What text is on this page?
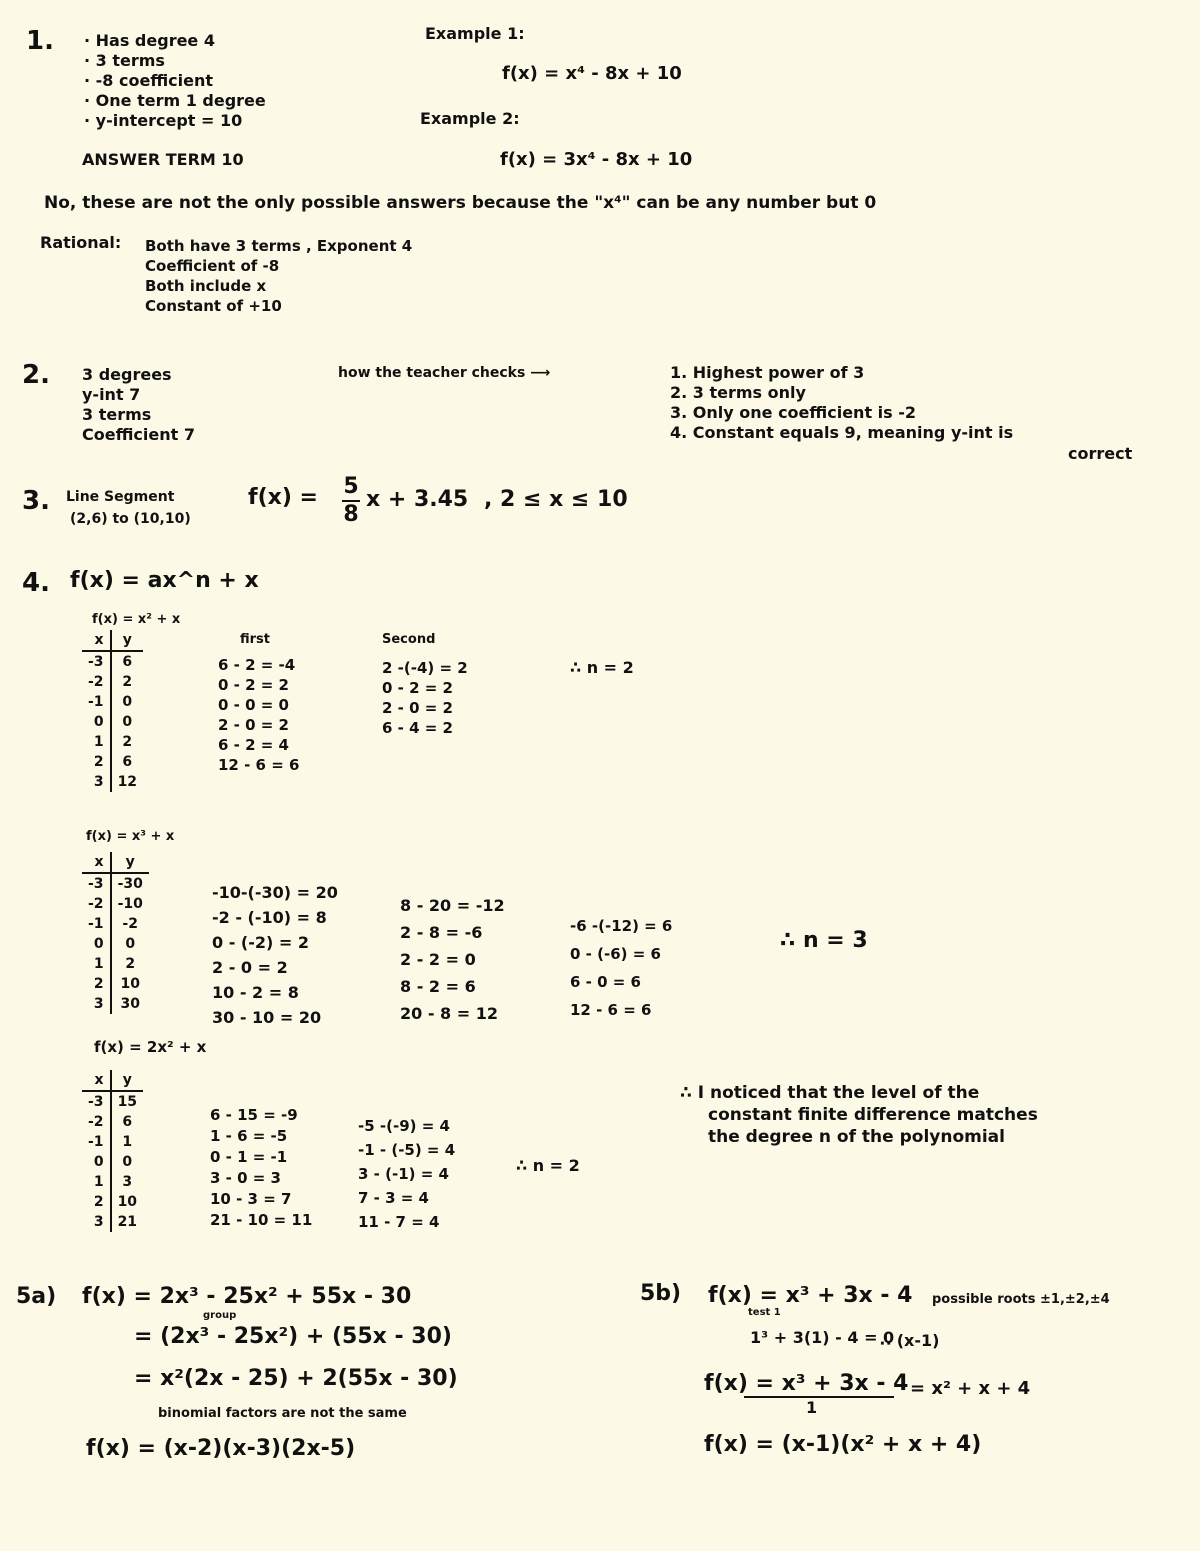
1. · Has degree 4
· 3 terms
· -8 coefficient
· One term 1 degree
· y-intercept = 10
ANSWER TERM 10
Example 1:
f(x) = x⁴ - 8x + 10
Example 2:
f(x) = 3x⁴ - 8x + 10
No, these are not the only possible answers because the "x⁴" can be any number but 0
Rational: Both have 3 terms , Exponent 4
Coefficient of -8
Both include x
Constant of +10
2. 3 degrees
y-int 7
3 terms
Coefficient 7
how the teacher checks ⟶	1. Highest power of 3
2. 3 terms only
3. Only one coefficient is -2
4. Constant equals 9, meaning y-int is
correct
3. Line Segment
(2,6) to (10,10)
f(x) = 5
8
x + 3.45 , 2 ≤ x ≤ 10
4. f(x) = ax^n + x
f(x) = x² + x
x	y
-3	6
-2	2
-1	0
0	0
1	2
2	6
3	12
first	Second
6 - 2 = -4
0 - 2 = 2
0 - 0 = 0
2 - 0 = 2
6 - 2 = 4
12 - 6 = 6
2 -(-4) = 2
0 - 2 = 2
2 - 0 = 2
6 - 4 = 2
∴ n = 2
f(x) = x³ + x
x	y
-3	-30
-2	-10
-1	-2
0	0
1	2
2	10
3	30
-10-(-30) = 20
-2 - (-10) = 8
0 - (-2) = 2
2 - 0 = 2
10 - 2 = 8
30 - 10 = 20
8 - 20 = -12
2 - 8 = -6
2 - 2 = 0
8 - 2 = 6
20 - 8 = 12
-6 -(-12) = 6
0 - (-6) = 6
6 - 0 = 6
12 - 6 = 6
∴ n = 3
f(x) = 2x² + x
x	y
-3	15
-2	6
-1	1
0	0
1	3
2	10
3	21
6 - 15 = -9
1 - 6 = -5
0 - 1 = -1
3 - 0 = 3
10 - 3 = 7
21 - 10 = 11
-5 -(-9) = 4
-1 - (-5) = 4
3 - (-1) = 4
7 - 3 = 4
11 - 7 = 4
∴ n = 2
∴ I noticed that the level of the
constant finite difference matches
the degree n of the polynomial
5a) f(x) = 2x³ - 25x² + 55x - 30
group
= (2x³ - 25x²) + (55x - 30)
= x²(2x - 25) + 2(55x - 30)
binomial factors are not the same
f(x) = (x-2)(x-3)(2x-5)
5b) f(x) = x³ + 3x - 4
test 1
possible roots ±1,±2,±4
1³ + 3(1) - 4 = 0
∴ (x-1)
f(x) = x³ + 3x - 4
1
= x² + x + 4
f(x) = (x-1)(x² + x + 4)
